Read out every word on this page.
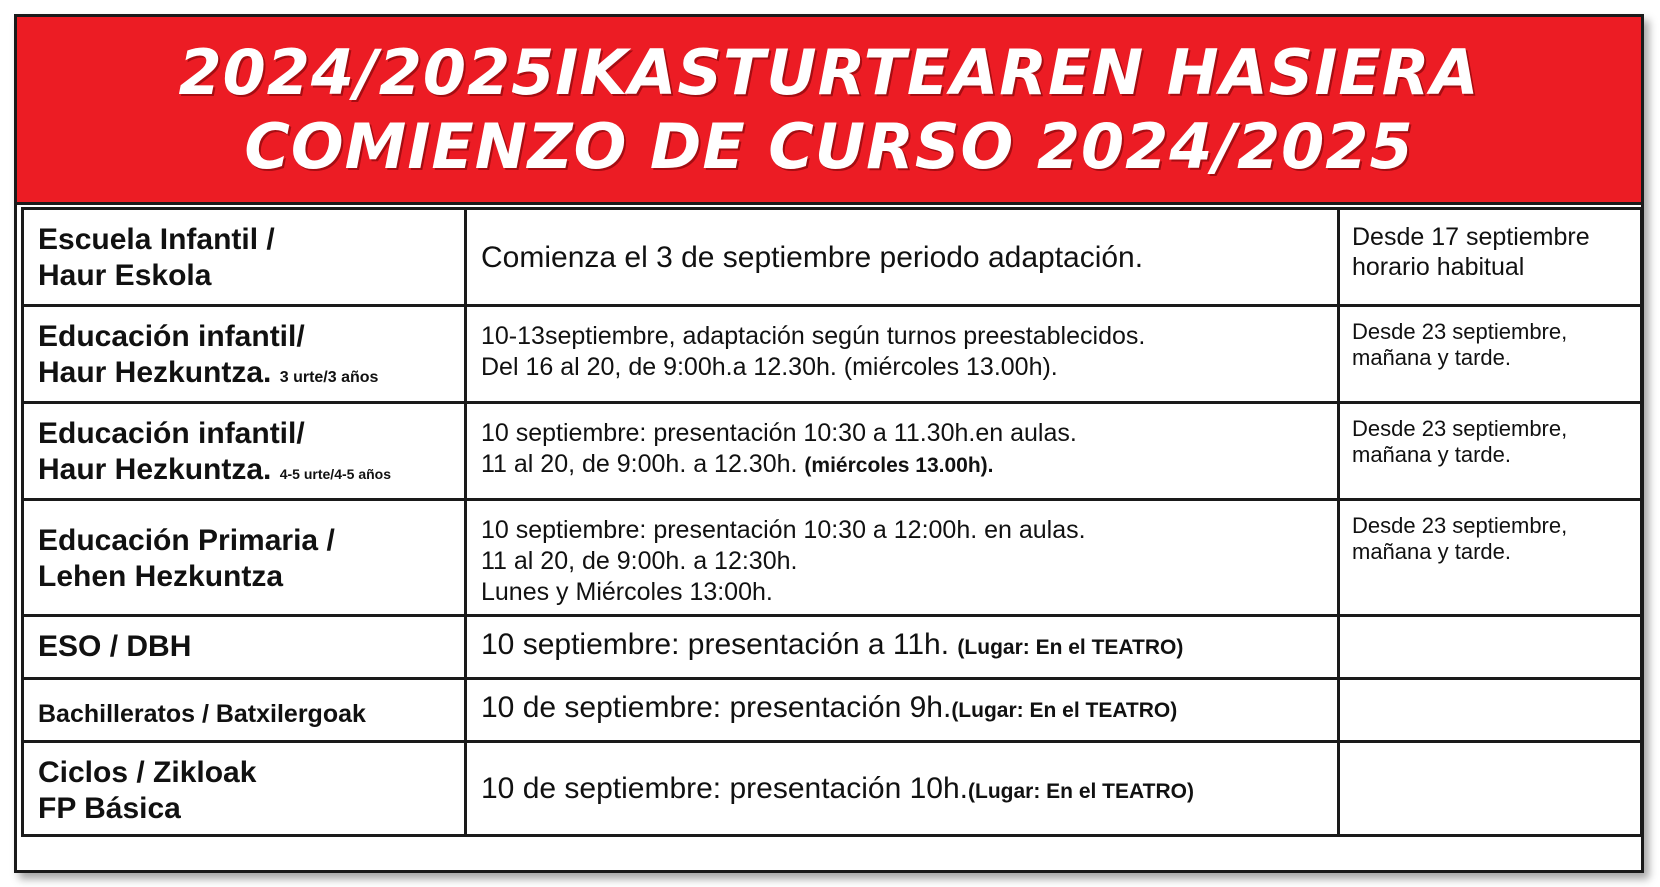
2024/2025IKASTURTEAREN HASIERA
COMIENZO DE CURSO 2024/2025
Escuela Infantil /
Haur Eskola	Comienza el 3 de septiembre periodo adaptación.	Desde 17 septiembre
horario habitual

Educación infantil/
Haur Hezkuntza. 3 urte/3 años	10-13septiembre, adaptación según turnos preestablecidos.
Del 16 al 20, de 9:00h.a 12.30h. (miércoles 13.00h).	Desde 23 septiembre,
mañana y tarde.

Educación infantil/
Haur Hezkuntza. 4-5 urte/4-5 años	10 septiembre: presentación 10:30 a 11.30h.en aulas.
11 al 20, de 9:00h. a 12.30h. (miércoles 13.00h).	Desde 23 septiembre,
mañana y tarde.

Educación Primaria /
Lehen Hezkuntza	10 septiembre: presentación 10:30 a 12:00h. en aulas.
11 al 20, de 9:00h. a 12:30h.
Lunes y Miércoles 13:00h.	Desde 23 septiembre,
mañana y tarde.

ESO / DBH	10 septiembre: presentación a 11h. (Lugar: En el TEATRO)	

Bachilleratos / Batxilergoak	10 de septiembre: presentación 9h.(Lugar: En el TEATRO)	

Ciclos / Zikloak
FP Básica	10 de septiembre: presentación 10h.(Lugar: En el TEATRO)	
